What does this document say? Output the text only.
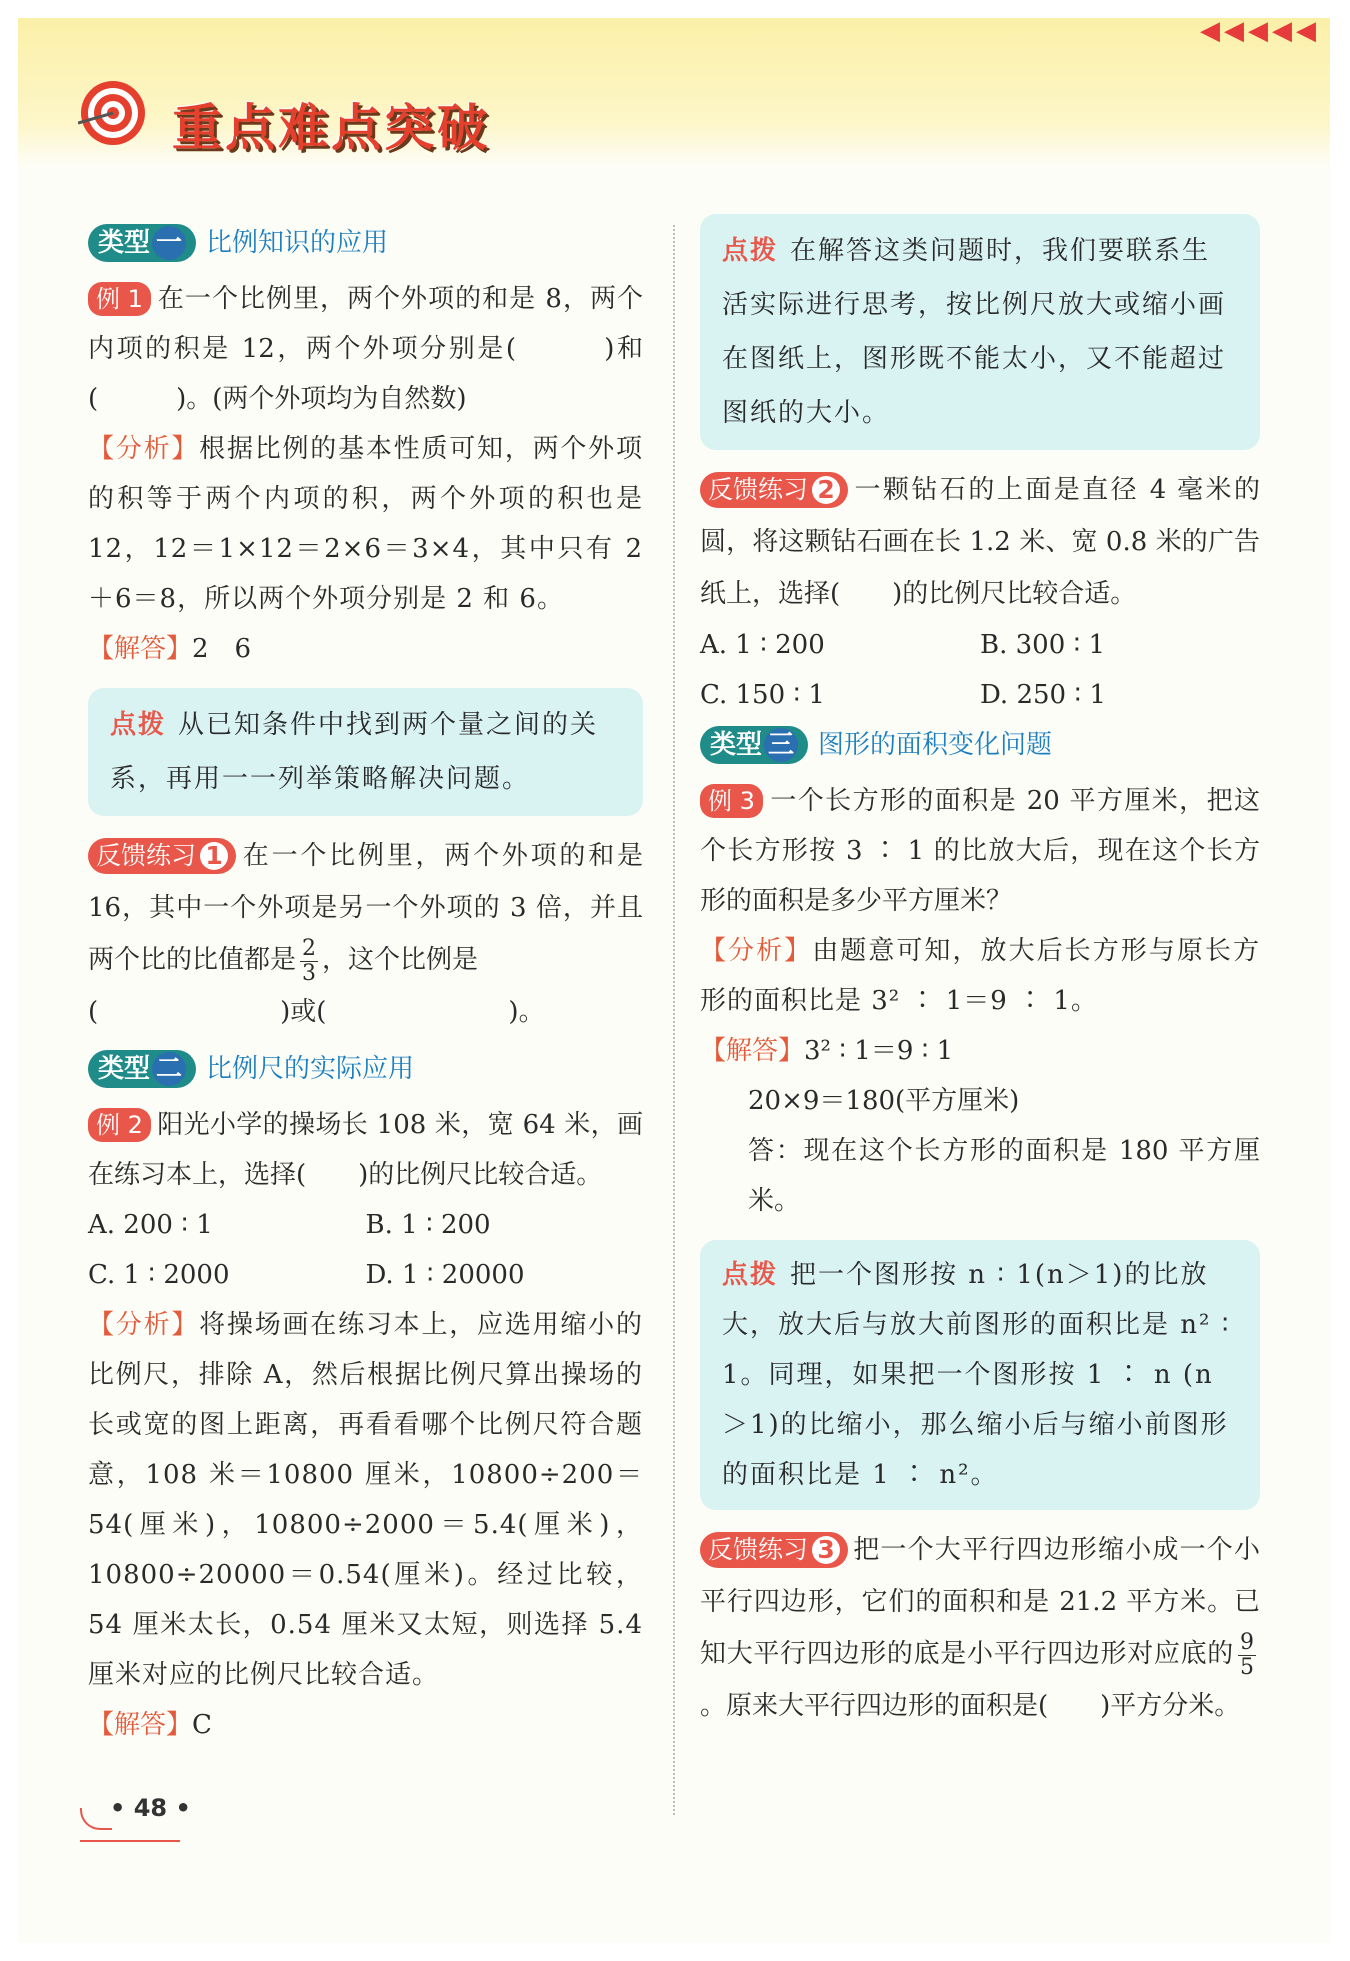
◀◀◀◀◀
重点难点突破
类型 一 比例知识的应用

例 1 在一个比例里，两个外项的和是 8，两个内项的积是 12，两个外项分别是(　　　)和(　　　)。(两个外项均为自然数)

【分析】根据比例的基本性质可知，两个外项的积等于两个内项的积，两个外项的积也是 12，12＝1×12＝2×6＝3×4，其中只有 2＋6＝8，所以两个外项分别是 2 和 6。

【解答】2　6

点拨 从已知条件中找到两个量之间的关系，再用一一列举策略解决问题。

反馈练习 1 在一个比例里，两个外项的和是 16，其中一个外项是另一个外项的 3 倍，并且两个比的比值都是 $\frac{2}{3}$ ，这个比例是
(　　　　　　　)或(　　　　　　　)。

类型 二 比例尺的实际应用

例 2 阳光小学的操场长 108 米，宽 64 米，画在练习本上，选择(　　)的比例尺比较合适。

A. 200 ∶ 1	B. 1 ∶ 200
C. 1 ∶ 2000	D. 1 ∶ 20000

【分析】将操场画在练习本上，应选用缩小的比例尺，排除 A，然后根据比例尺算出操场的长或宽的图上距离，再看看哪个比例尺符合题意，108 米＝10800 厘米，10800÷200＝54(厘米)，10800÷2000＝5.4(厘米)，10800÷20000＝0.54(厘米)。经过比较，54 厘米太长，0.54 厘米又太短，则选择 5.4 厘米对应的比例尺比较合适。

【解答】C

点拨 在解答这类问题时，我们要联系生活实际进行思考，按比例尺放大或缩小画在图纸上，图形既不能太小，又不能超过图纸的大小。

反馈练习 2 一颗钻石的上面是直径 4 毫米的圆，将这颗钻石画在长 1.2 米、宽 0.8 米的广告纸上，选择(　　)的比例尺比较合适。

A. 1 ∶ 200	B. 300 ∶ 1
C. 150 ∶ 1	D. 250 ∶ 1
类型 三 图形的面积变化问题

例 3 一个长方形的面积是 20 平方厘米，把这个长方形按 3 ∶ 1 的比放大后，现在这个长方形的面积是多少平方厘米？

【分析】由题意可知，放大后长方形与原长方形的面积比是 3² ∶ 1＝9 ∶ 1。

【解答】3² ∶ 1＝9 ∶ 1

20×9＝180(平方厘米)

答：现在这个长方形的面积是 180 平方厘米。

点拨 把一个图形按 n ∶ 1(n＞1)的比放大，放大后与放大前图形的面积比是 n² ∶ 1。同理，如果把一个图形按 1 ∶ n (n＞1)的比缩小，那么缩小后与缩小前图形的面积比是 1 ∶ n²。

反馈练习 3 把一个大平行四边形缩小成一个小平行四边形，它们的面积和是 21.2 平方米。已知大平行四边形的底是小平行四边形对应底的 $\frac{9}{5}$
。原来大平行四边形的面积是(　　)平方分米。

• 48 •
